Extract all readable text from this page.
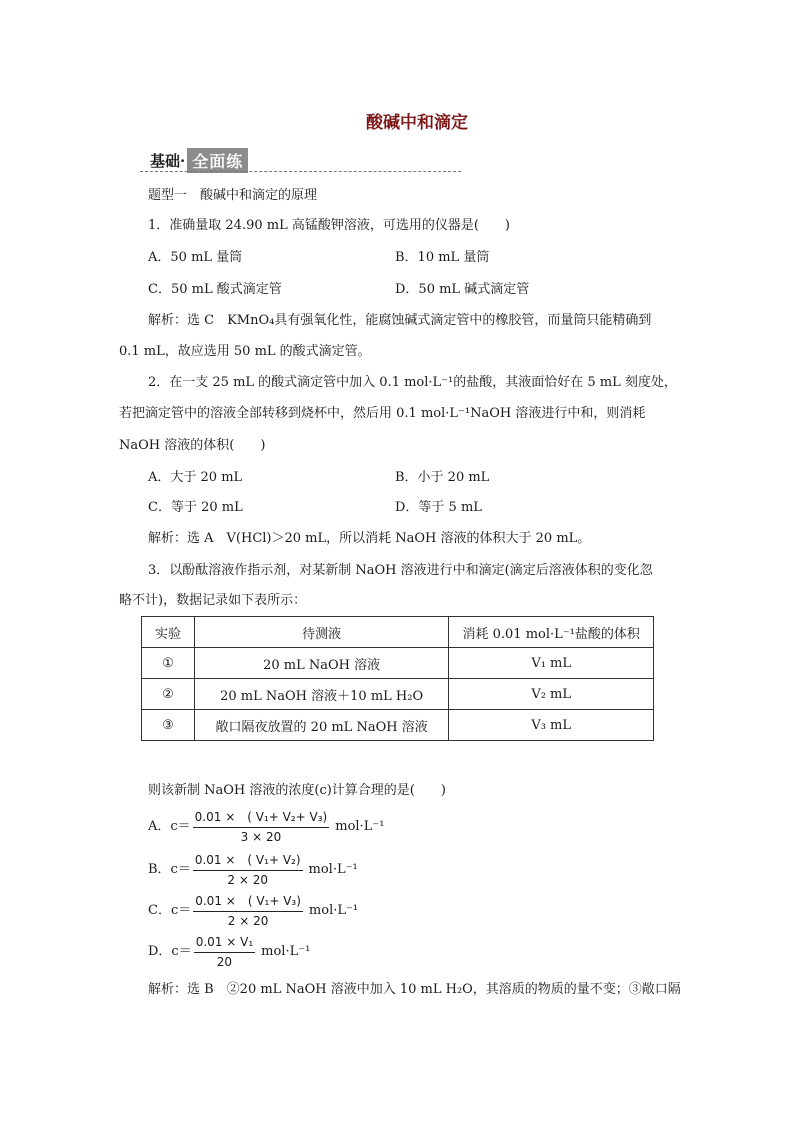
酸碱中和滴定
基础· 全面练
题型一　酸碱中和滴定的原理
1．准确量取 24.90 mL 高锰酸钾溶液，可选用的仪器是(　　)
A．50 mL 量筒	B．10 mL 量筒
C．50 mL 酸式滴定管	D．50 mL 碱式滴定管
解析：选 C　KMnO₄具有强氧化性，能腐蚀碱式滴定管中的橡胶管，而量筒只能精确到
0.1 mL，故应选用 50 mL 的酸式滴定管。
2．在一支 25 mL 的酸式滴定管中加入 0.1 mol·L⁻¹的盐酸，其液面恰好在 5 mL 刻度处，
若把滴定管中的溶液全部转移到烧杯中，然后用 0.1 mol·L⁻¹NaOH 溶液进行中和，则消耗
NaOH 溶液的体积(　　)
A．大于 20 mL	B．小于 20 mL
C．等于 20 mL	D．等于 5 mL
解析：选 A　V(HCl)＞20 mL，所以消耗 NaOH 溶液的体积大于 20 mL。
3．以酚酞溶液作指示剂，对某新制 NaOH 溶液进行中和滴定(滴定后溶液体积的变化忽
略不计)，数据记录如下表所示：
实验	待测液	消耗 0.01 mol·L⁻¹盐酸的体积
①	20 mL NaOH 溶液	V₁ mL
②	20 mL NaOH 溶液＋10 mL H₂O	V₂ mL
③	敞口隔夜放置的 20 mL NaOH 溶液	V₃ mL
则该新制 NaOH 溶液的浓度(c)计算合理的是(　　)
A．$c= \frac{\text{0.01 ×　( V₁+ V₂+ V₃)}}{3 \times 20} mol\cdot L^{-1}$
B．$c= \frac{\text{0.01 ×　( V₁+ V₂)}}{2 \times 20} mol\cdot L^{-1}$
C．$c= \frac{\text{0.01 ×　( V₁+ V₃)}}{2 \times 20} mol\cdot L^{-1}$
D．$c= \frac{\text{0.01 × V₁}}{20} mol\cdot L^{-1}$
解析：选 B　②20 mL NaOH 溶液中加入 10 mL H₂O，其溶质的物质的量不变；③敞口隔
